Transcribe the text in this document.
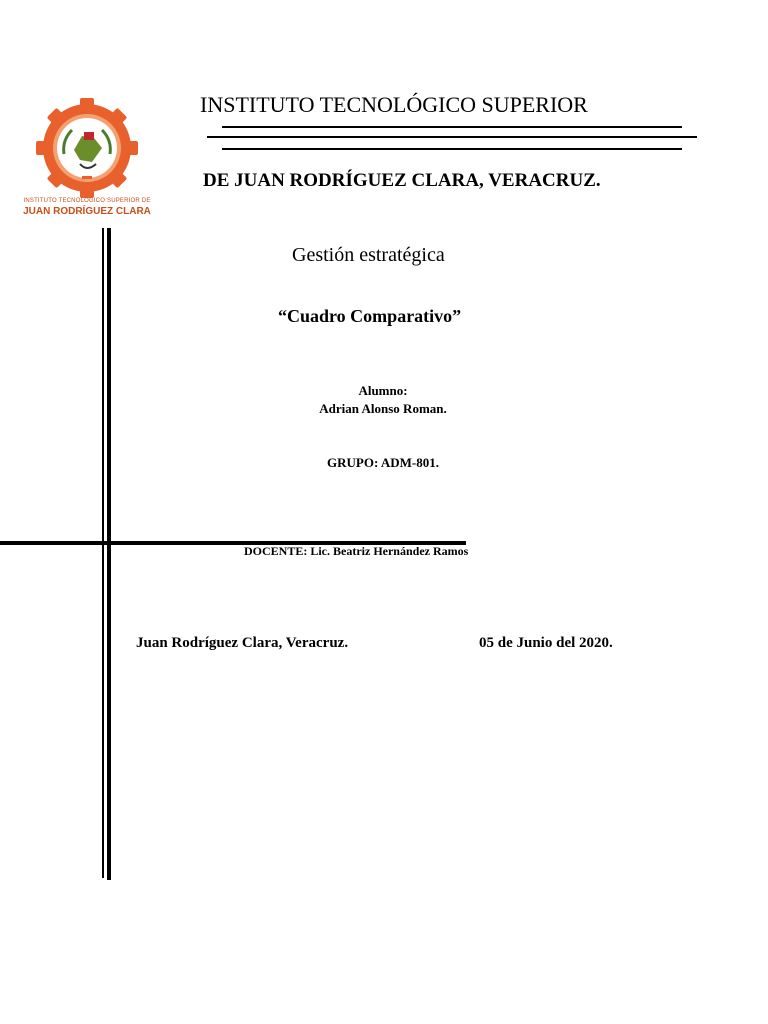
INSTITUTO TECNOLÓGICO SUPERIOR DE
JUAN RODRÍGUEZ CLARA
INSTITUTO TECNOLÓGICO SUPERIOR
DE JUAN RODRÍGUEZ CLARA, VERACRUZ.
Gestión estratégica
“Cuadro Comparativo”
Alumno:
Adrian Alonso Roman.
GRUPO: ADM-801.
DOCENTE: Lic. Beatriz Hernández Ramos
Juan Rodríguez Clara, Veracruz.	05 de Junio del 2020.
